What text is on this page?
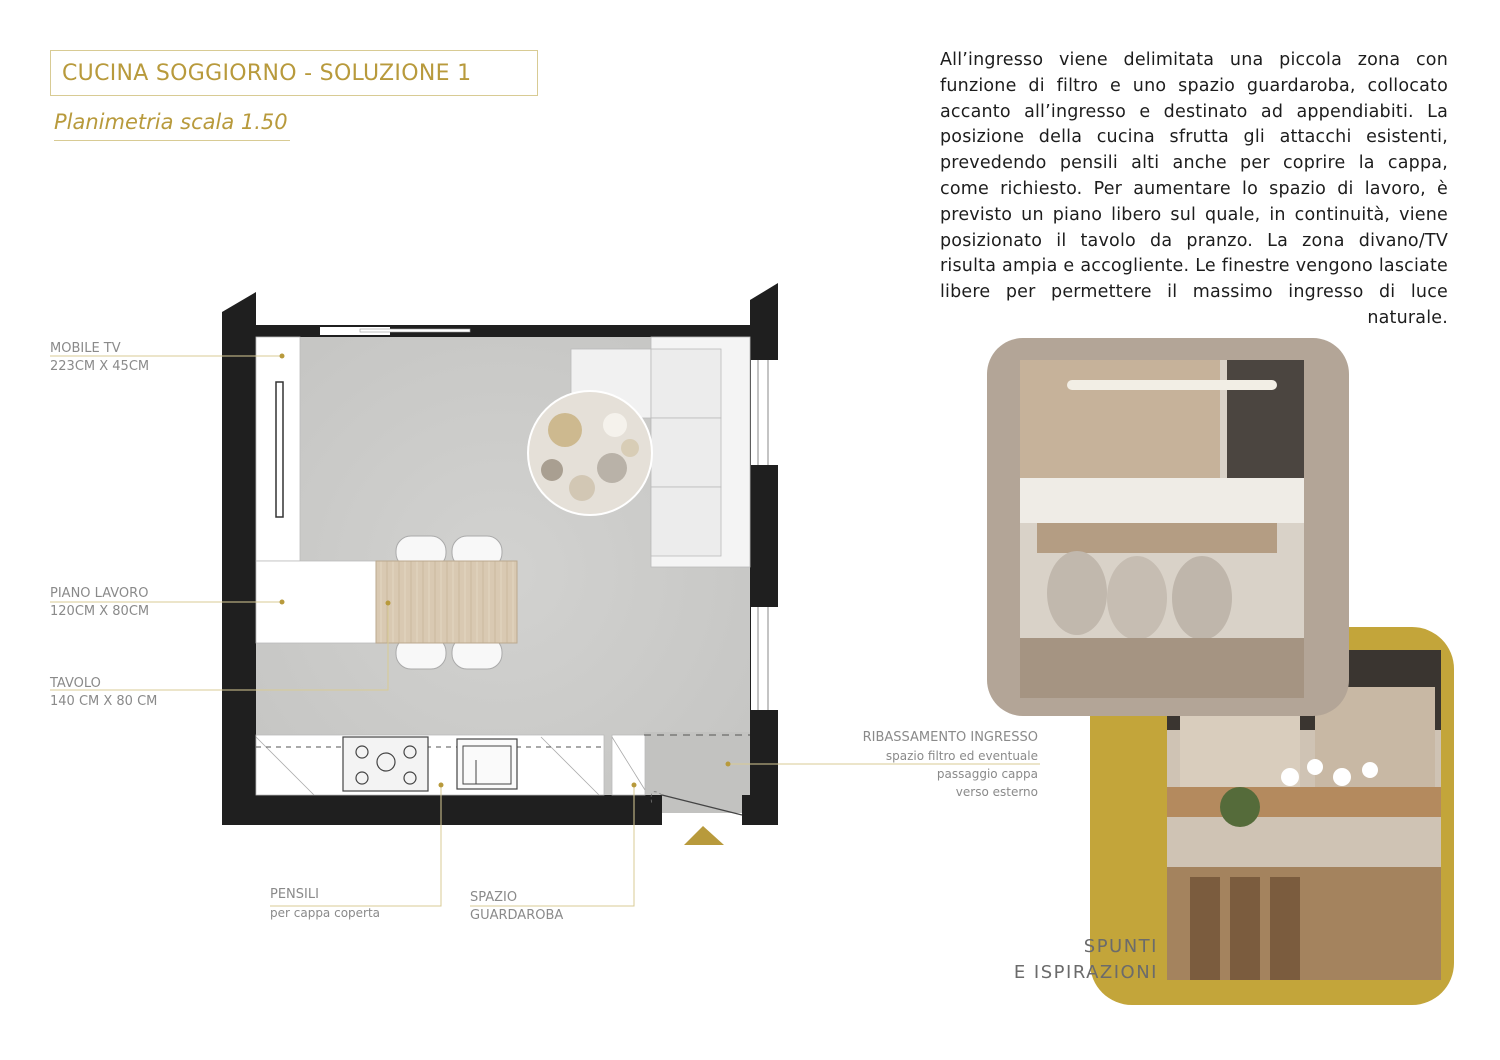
CUCINA SOGGIORNO - SOLUZIONE 1
Planimetria scala 1.50
All’ingresso viene delimitata una piccola zona con funzione di filtro e uno spazio guardaroba, collocato accanto all’ingresso e destinato ad appendiabiti. La posizione della cucina sfrutta gli attacchi esistenti, prevedendo pensili alti anche per coprire la cappa, come richiesto. Per aumentare lo spazio di lavoro, è previsto un piano libero sul quale, in continuità, viene posizionato il tavolo da pranzo. La zona divano/TV risulta ampia e accogliente. Le finestre vengono lasciate libere per permettere il massimo ingresso di luce naturale.
MOBILE TV
223CM X 45CM
PIANO LAVORO
120CM X 80CM
TAVOLO
140 CM X 80 CM
RIBASSAMENTO INGRESSO
spazio filtro ed eventuale
passaggio cappa
verso esterno
PENSILI
per cappa coperta
SPAZIO
GUARDAROBA
SPUNTI
E ISPIRAZIONI
